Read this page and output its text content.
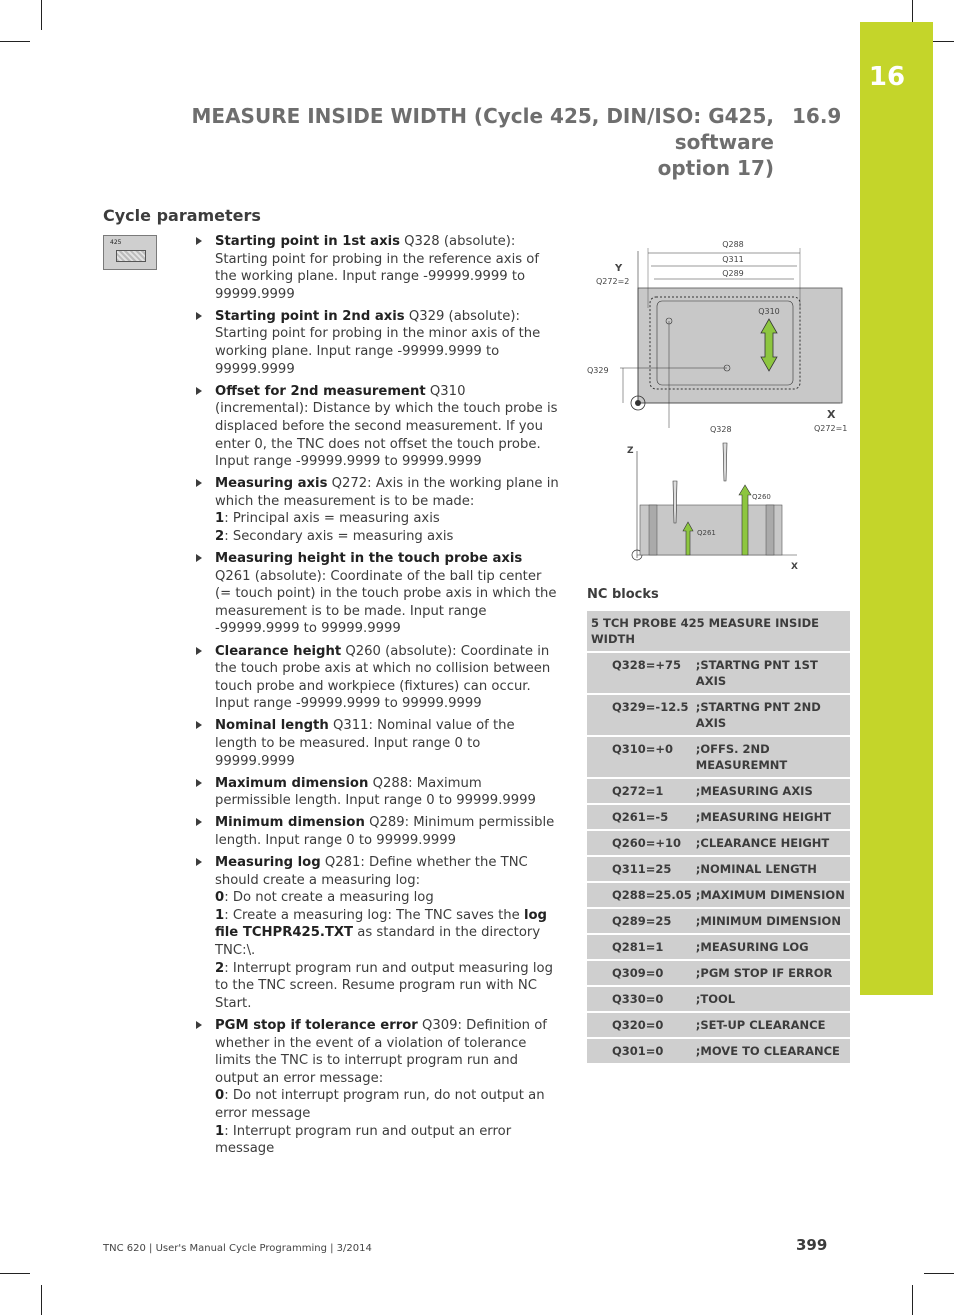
16
MEASURE INSIDE WIDTH (Cycle 425, DIN/ISO: G425, software
option 17)
16.9
Cycle parameters
425	Starting point in 1st axis Q328 (absolute): Starting point for probing in the reference axis of the working plane. Input range -99999.9999 to 99999.9999
Starting point in 2nd axis Q329 (absolute): Starting point for probing in the minor axis of the working plane. Input range -99999.9999 to 99999.9999
Offset for 2nd measurement Q310 (incremental): Distance by which the touch probe is displaced before the second measurement. If you enter 0, the TNC does not offset the touch probe. Input range -99999.9999 to 99999.9999
Measuring axis Q272: Axis in the working plane in which the measurement is to be made:
1: Principal axis = measuring axis
2: Secondary axis = measuring axis
Measuring height in the touch probe axis Q261 (absolute): Coordinate of the ball tip center (= touch point) in the touch probe axis in which the measurement is to be made. Input range -99999.9999 to 99999.9999
Clearance height Q260 (absolute): Coordinate in the touch probe axis at which no collision between touch probe and workpiece (fixtures) can occur. Input range -99999.9999 to 99999.9999
Nominal length Q311: Nominal value of the length to be measured. Input range 0 to 99999.9999
Maximum dimension Q288: Maximum permissible length. Input range 0 to 99999.9999
Minimum dimension Q289: Minimum permissible length. Input range 0 to 99999.9999
Measuring log Q281: Define whether the TNC should create a measuring log:
0: Do not create a measuring log
1: Create a measuring log: The TNC saves the log file TCHPR425.TXT as standard in the directory TNC:\.
2: Interrupt program run and output measuring log to the TNC screen. Resume program run with NC Start.
PGM stop if tolerance error Q309: Definition of whether in the event of a violation of tolerance limits the TNC is to interrupt program run and output an error message:
0: Do not interrupt program run, do not output an error message
1: Interrupt program run and output an error message
Q288
Q311
Q289
Q310
Q329
Q328
Y
X
Q272=2
Q272=1
Z
X
Q260
Q261
NC blocks
5 TCH PROBE 425 MEASURE INSIDE WIDTH	
Q328=+75	;STARTNG PNT 1ST AXIS
Q329=-12.5	;STARTNG PNT 2ND AXIS
Q310=+0	;OFFS. 2ND MEASUREMNT
Q272=1	;MEASURING AXIS
Q261=-5	;MEASURING HEIGHT
Q260=+10	;CLEARANCE HEIGHT
Q311=25	;NOMINAL LENGTH
Q288=25.05	;MAXIMUM DIMENSION
Q289=25	;MINIMUM DIMENSION
Q281=1	;MEASURING LOG
Q309=0	;PGM STOP IF ERROR
Q330=0	;TOOL
Q320=0	;SET-UP CLEARANCE
Q301=0	;MOVE TO CLEARANCE
TNC 620 | User's Manual Cycle Programming | 3/2014	399
